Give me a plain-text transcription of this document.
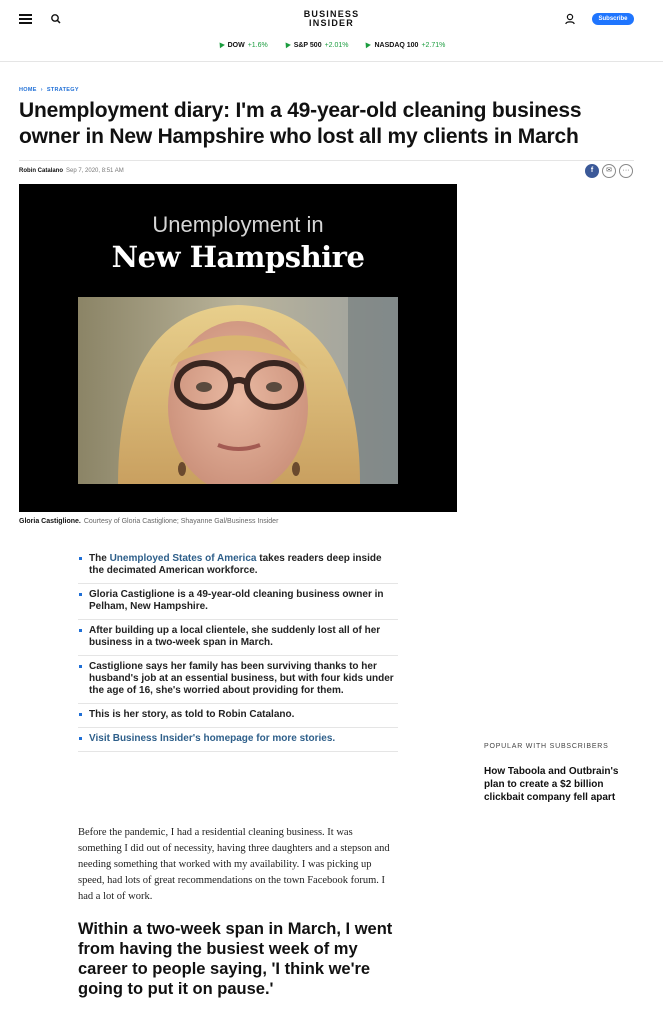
BUSINESS
INSIDER	Subscribe
DOW +1.6%	S&P 500 +2.01%	NASDAQ 100 +2.71%
HOME › STRATEGY
Unemployment diary: I'm a 49-year-old cleaning business owner in New Hampshire who lost all my clients in March
Robin Catalano Sep 7, 2020, 8:51 AM	f	✉	···
Unemployment in
New Hampshire
Gloria Castiglione. Courtesy of Gloria Castiglione; Shayanne Gal/Business Insider
The Unemployed States of America takes readers deep inside the decimated American workforce.
Gloria Castiglione is a 49-year-old cleaning business owner in Pelham, New Hampshire.
After building up a local clientele, she suddenly lost all of her business in a two-week span in March.
Castiglione says her family has been surviving thanks to her husband's job at an essential business, but with four kids under the age of 16, she's worried about providing for them.
This is her story, as told to Robin Catalano.
Visit Business Insider's homepage for more stories.

Before the pandemic, I had a residential cleaning business. It was something I did out of necessity, having three daughters and a stepson and needing something that worked with my availability. I was picking up speed, had lots of great recommendations on the town Facebook forum. I had a lot of work.

Within a two-week span in March, I went from having the busiest week of my career to people saying, 'I think we're going to put it on pause.'

POPULAR WITH SUBSCRIBERS
How Taboola and Outbrain's plan to create a $2 billion clickbait company fell apart
